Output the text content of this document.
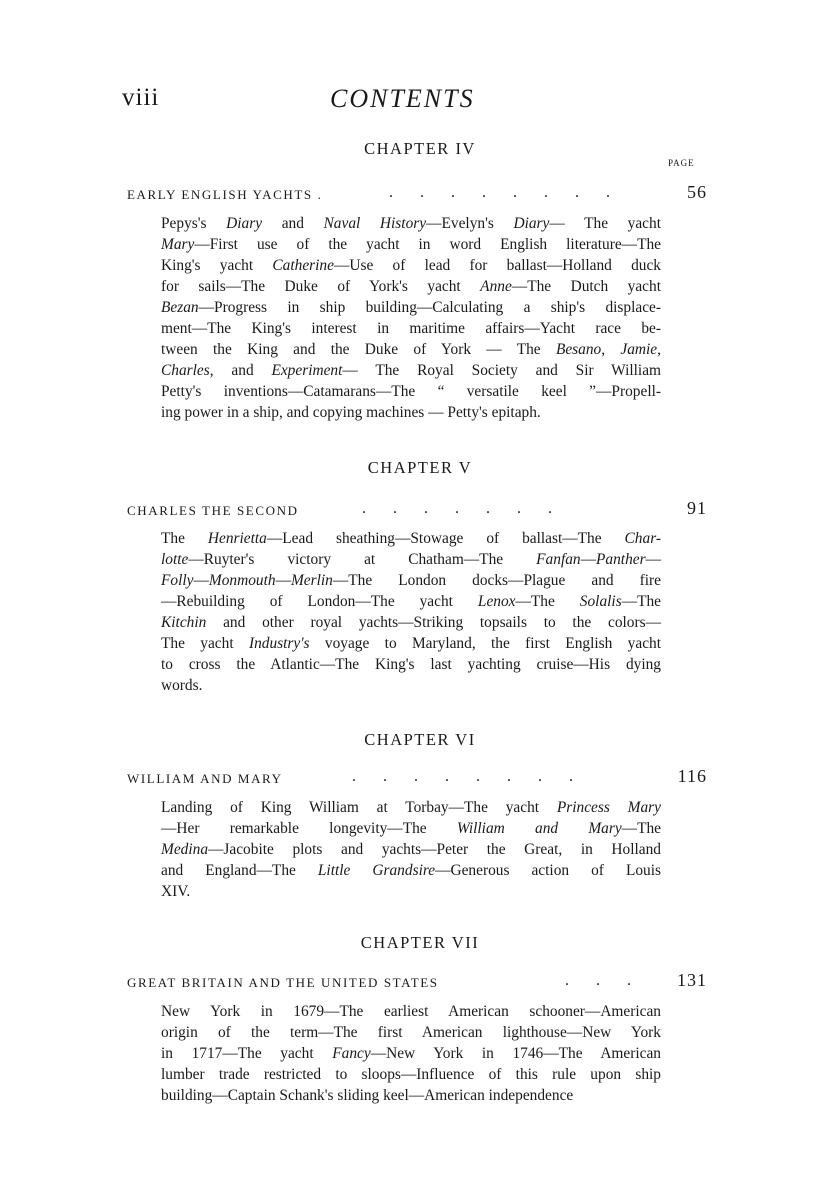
viii	CONTENTS
CHAPTER IV
PAGE
EARLY ENGLISH YACHTS .	........	56
Pepys's Diary and Naval History—Evelyn's Diary— The yacht
Mary—First use of the yacht in word English literature—The
King's yacht Catherine—Use of lead for ballast—Holland duck
for sails—The Duke of York's yacht Anne—The Dutch yacht
Bezan—Progress in ship building—Calculating a ship's displace-
ment—The King's interest in maritime affairs—Yacht race be-
tween the King and the Duke of York — The Besano, Jamie,
Charles, and Experiment— The Royal Society and Sir William
Petty's inventions—Catamarans—The “ versatile keel ”—Propell-
ing power in a ship, and copying machines — Petty's epitaph.
CHAPTER V
CHARLES THE SECOND	.......	91
The Henrietta—Lead sheathing—Stowage of ballast—The Char-
lotte—Ruyter's victory at Chatham—The Fanfan—Panther—
Folly—Monmouth—Merlin—The London docks—Plague and fire
—Rebuilding of London—The yacht Lenox—The Solalis—The
Kitchin and other royal yachts—Striking topsails to the colors—
The yacht Industry's voyage to Maryland, the first English yacht
to cross the Atlantic—The King's last yachting cruise—His dying
words.
CHAPTER VI
WILLIAM AND MARY	........	116
Landing of King William at Torbay—The yacht Princess Mary
—Her remarkable longevity—The William and Mary—The
Medina—Jacobite plots and yachts—Peter the Great, in Holland
and England—The Little Grandsire—Generous action of Louis
XIV.
CHAPTER VII
GREAT BRITAIN AND THE UNITED STATES	... 131
New York in 1679—The earliest American schooner—American
origin of the term—The first American lighthouse—New York
in 1717—The yacht Fancy—New York in 1746—The American
lumber trade restricted to sloops—Influence of this rule upon ship
building—Captain Schank's sliding keel—American independence
